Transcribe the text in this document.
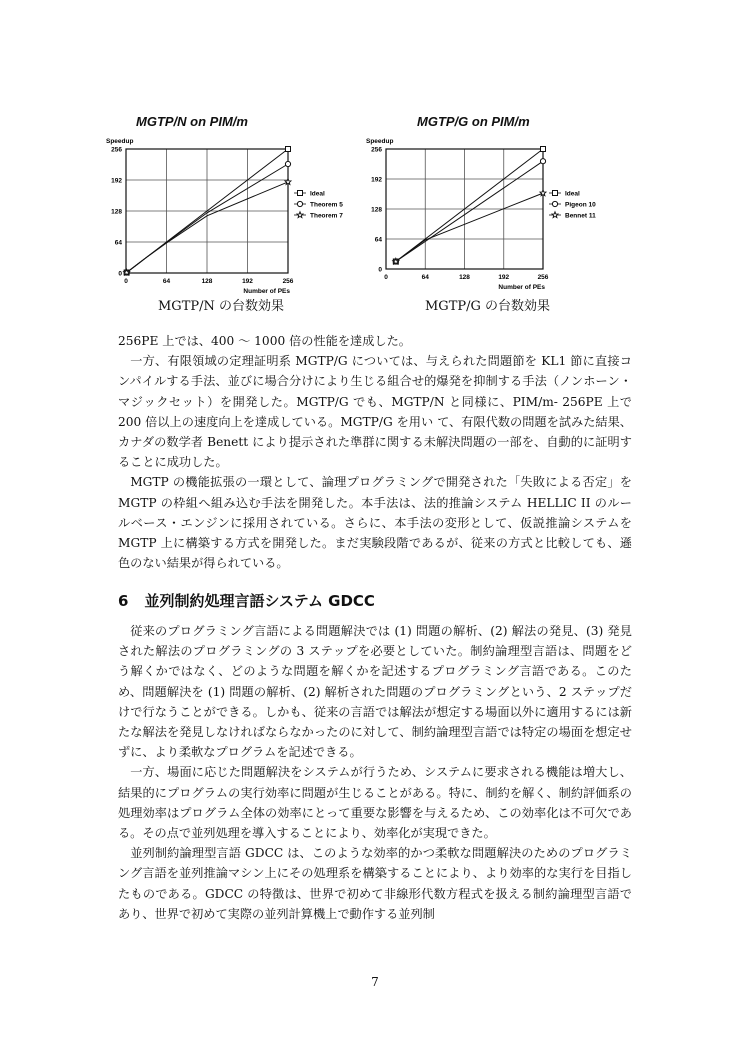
MGTP/N on PIM/m
Speedup
0	64	128	192	256
0
64
128
192
256
Number of PEs
Ideal
Theorem 5
Theorem 7
MGTP/N の台数効果
MGTP/G on PIM/m
Speedup
0	64	128	192	256
0
64
128
192
256
Number of PEs
Ideal
Pigeon 10
Bennet 11
MGTP/G の台数効果

256PE 上では、400 ～ 1000 倍の性能を達成した。

一方、有限領域の定理証明系 MGTP/G については、与えられた問題節を KL1 節に直接コンパイルする手法、並びに場合分けにより生じる組合せ的爆発を抑制する手法（ノンホーン・マジックセット）を開発した。MGTP/G でも、MGTP/N と同様に、PIM/m- 256PE 上で 200 倍以上の速度向上を達成している。MGTP/G を用い て、有限代数の問題を試みた結果、カナダの数学者 Benett により提示された準群に関する未解決問題の一部を、自動的に証明することに成功した。

MGTP の機能拡張の一環として、論理プログラミングで開発された「失敗による否定」を MGTP の枠組へ組み込む手法を開発した。本手法は、法的推論システム HELLIC II のルールベース・エンジンに採用されている。さらに、本手法の変形として、仮説推論システムを MGTP 上に構築する方式を開発した。まだ実験段階であるが、従来の方式と比較しても、遜色のない結果が得られている。

6 並列制約処理言語システム GDCC

従来のプログラミング言語による問題解決では (1) 問題の解析、(2) 解法の発見、(3) 発見された解法のプログラミングの 3 ステップを必要としていた。制約論理型言語は、問題をどう解くかではなく、どのような問題を解くかを記述するプログラミング言語である。このため、問題解決を (1) 問題の解析、(2) 解析された問題のプログラミングという、2 ステップだけで行なうことができる。しかも、従来の言語では解法が想定する場面以外に適用するには新たな解法を発見しなければならなかったのに対して、制約論理型言語では特定の場面を想定せずに、より柔軟なプログラムを記述できる。

一方、場面に応じた問題解決をシステムが行うため、システムに要求される機能は増大し、結果的にプログラムの実行効率に問題が生じることがある。特に、制約を解く、制約評価系の処理効率はプログラム全体の効率にとって重要な影響を与えるため、この効率化は不可欠である。その点で並列処理を導入することにより、効率化が実現できた。

並列制約論理型言語 GDCC は、このような効率的かつ柔軟な問題解決のためのプログラミング言語を並列推論マシン上にその処理系を構築することにより、より効率的な実行を目指したものである。GDCC の特徴は、世界で初めて非線形代数方程式を扱える制約論理型言語であり、世界で初めて実際の並列計算機上で動作する並列制

7
